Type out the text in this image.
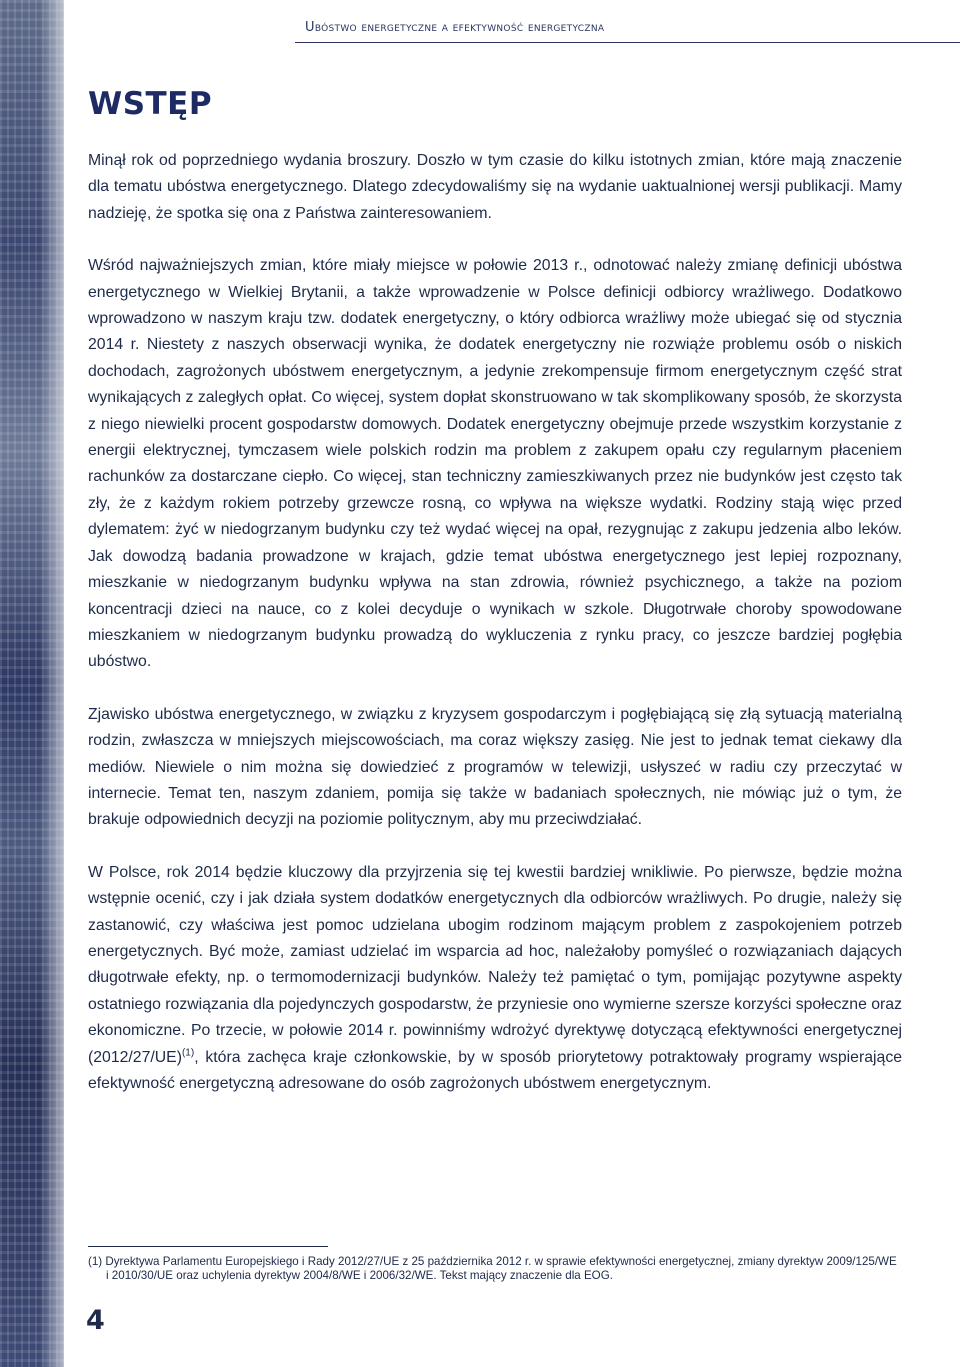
Ubóstwo energetyczne a efektywność energetyczna
WSTĘP

Minął rok od poprzedniego wydania broszury. Doszło w tym czasie do kilku istotnych zmian, które mają znaczenie dla tematu ubóstwa energetycznego. Dlatego zdecydowaliśmy się na wydanie uaktualnionej wersji publikacji. Mamy nadzieję, że spotka się ona z Państwa zainteresowaniem.

Wśród najważniejszych zmian, które miały miejsce w połowie 2013 r., odnotować należy zmianę definicji ubóstwa energetycznego w Wielkiej Brytanii, a także wprowadzenie w Polsce definicji odbiorcy wrażliwego. Dodatkowo wprowadzono w naszym kraju tzw. dodatek energetyczny, o który odbiorca wrażliwy może ubiegać się od stycznia 2014 r. Niestety z naszych obserwacji wynika, że dodatek energetyczny nie rozwiąże problemu osób o niskich dochodach, zagrożonych ubóstwem energetycznym, a jedynie zrekompensuje firmom energetycznym część strat wynikających z zaległych opłat. Co więcej, system dopłat skonstruowano w tak skomplikowany sposób, że skorzysta z niego niewielki procent gospodarstw domowych. Dodatek energetyczny obejmuje przede wszystkim korzystanie z energii elektrycznej, tymczasem wiele polskich rodzin ma problem z zakupem opału czy regularnym płaceniem rachunków za dostarczane ciepło. Co więcej, stan techniczny zamieszkiwanych przez nie budynków jest często tak zły, że z każdym rokiem potrzeby grzewcze rosną, co wpływa na większe wydatki. Rodziny stają więc przed dylematem: żyć w niedogrzanym budynku czy też wydać więcej na opał, rezygnując z zakupu jedzenia albo leków. Jak dowodzą badania prowadzone w krajach, gdzie temat ubóstwa energetycznego jest lepiej rozpoznany, mieszkanie w niedogrzanym budynku wpływa na stan zdrowia, również psychicznego, a także na poziom koncentracji dzieci na nauce, co z kolei decyduje o wynikach w szkole. Długotrwałe choroby spowodowane mieszkaniem w niedogrzanym budynku prowadzą do wykluczenia z rynku pracy, co jeszcze bardziej pogłębia ubóstwo.

Zjawisko ubóstwa energetycznego, w związku z kryzysem gospodarczym i pogłębiającą się złą sytuacją materialną rodzin, zwłaszcza w mniejszych miejscowościach, ma coraz większy zasięg. Nie jest to jednak temat ciekawy dla mediów. Niewiele o nim można się dowiedzieć z programów w telewizji, usłyszeć w radiu czy przeczytać w internecie. Temat ten, naszym zdaniem, pomija się także w badaniach społecznych, nie mówiąc już o tym, że brakuje odpowiednich decyzji na poziomie politycznym, aby mu przeciwdziałać.

W Polsce, rok 2014 będzie kluczowy dla przyjrzenia się tej kwestii bardziej wnikliwie. Po pierwsze, będzie można wstępnie ocenić, czy i jak działa system dodatków energetycznych dla odbiorców wrażliwych. Po drugie, należy się zastanowić, czy właściwa jest pomoc udzielana ubogim rodzinom mającym problem z zaspokojeniem potrzeb energetycznych. Być może, zamiast udzielać im wsparcia ad hoc, należałoby pomyśleć o rozwiązaniach dających długotrwałe efekty, np. o termomodernizacji budynków. Należy też pamiętać o tym, pomijając pozytywne aspekty ostatniego rozwiązania dla pojedynczych gospodarstw, że przyniesie ono wymierne szersze korzyści społeczne oraz ekonomiczne. Po trzecie, w połowie 2014 r. powinniśmy wdrożyć dyrektywę dotyczącą efektywności energetycznej $(2012/27/UE)^{(1)}$, która zachęca kraje członkowskie, by w sposób priorytetowy potraktowały programy wspierające efektywność energetyczną adresowane do osób zagrożonych ubóstwem energetycznym.

(1) Dyrektywa Parlamentu Europejskiego i Rady 2012/27/UE z 25 października 2012 r. w sprawie efektywności energetycznej, zmiany dyrektyw 2009/125/WE
i 2010/30/UE oraz uchylenia dyrektyw 2004/8/WE i 2006/32/WE. Tekst mający znaczenie dla EOG.
4
